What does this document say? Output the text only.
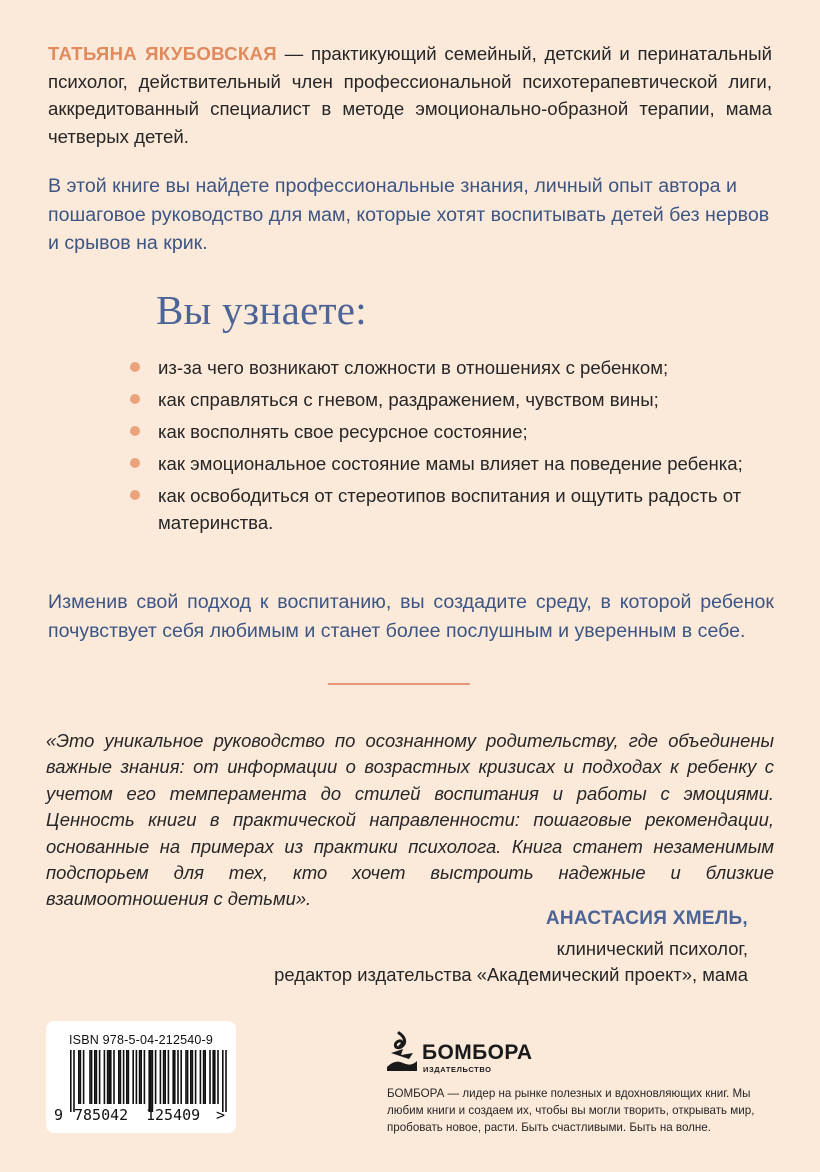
ТАТЬЯНА ЯКУБОВСКАЯ — практикующий семейный, детский и перинатальный психолог, действительный член профессиональной психотерапевтической лиги, аккредитованный специалист в методе эмоционально-образной терапии, мама четверых детей.

В этой книге вы найдете профессиональные знания, личный опыт автора и пошаговое руководство для мам, которые хотят воспитывать детей без нервов и срывов на крик.

Вы узнаете:
из-за чего возникают сложности в отношениях с ребенком;
как справляться с гневом, раздражением, чувством вины;
как восполнять свое ресурсное состояние;
как эмоциональное состояние мамы влияет на поведение ребенка;
как освободиться от стереотипов воспитания и ощутить радость от материнства.

Изменив свой подход к воспитанию, вы создадите среду, в которой ребенок почувствует себя любимым и станет более послушным и уверенным в себе.

«Это уникальное руководство по осознанному родительству, где объединены важные знания: от информации о возрастных кризисах и подходах к ребенку с учетом его темперамента до стилей воспитания и работы с эмоциями. Ценность книги в практической направленности: пошаговые рекомендации, основанные на примерах из практики психолога. Книга станет незаменимым подспорьем для тех, кто хочет выстроить надежные и близкие взаимоотношения с детьми».

АНАСТАСИЯ ХМЕЛЬ,
клинический психолог,
редактор издательства «Академический проект», мама
ISBN 978-5-04-212540-9
9 785042 125409 >
БОМБОРА
ИЗДАТЕЛЬСТВО

БОМБОРА — лидер на рынке полезных и вдохновляющих книг. Мы любим книги и создаем их, чтобы вы могли творить, открывать мир, пробовать новое, расти. Быть счастливыми. Быть на волне.
